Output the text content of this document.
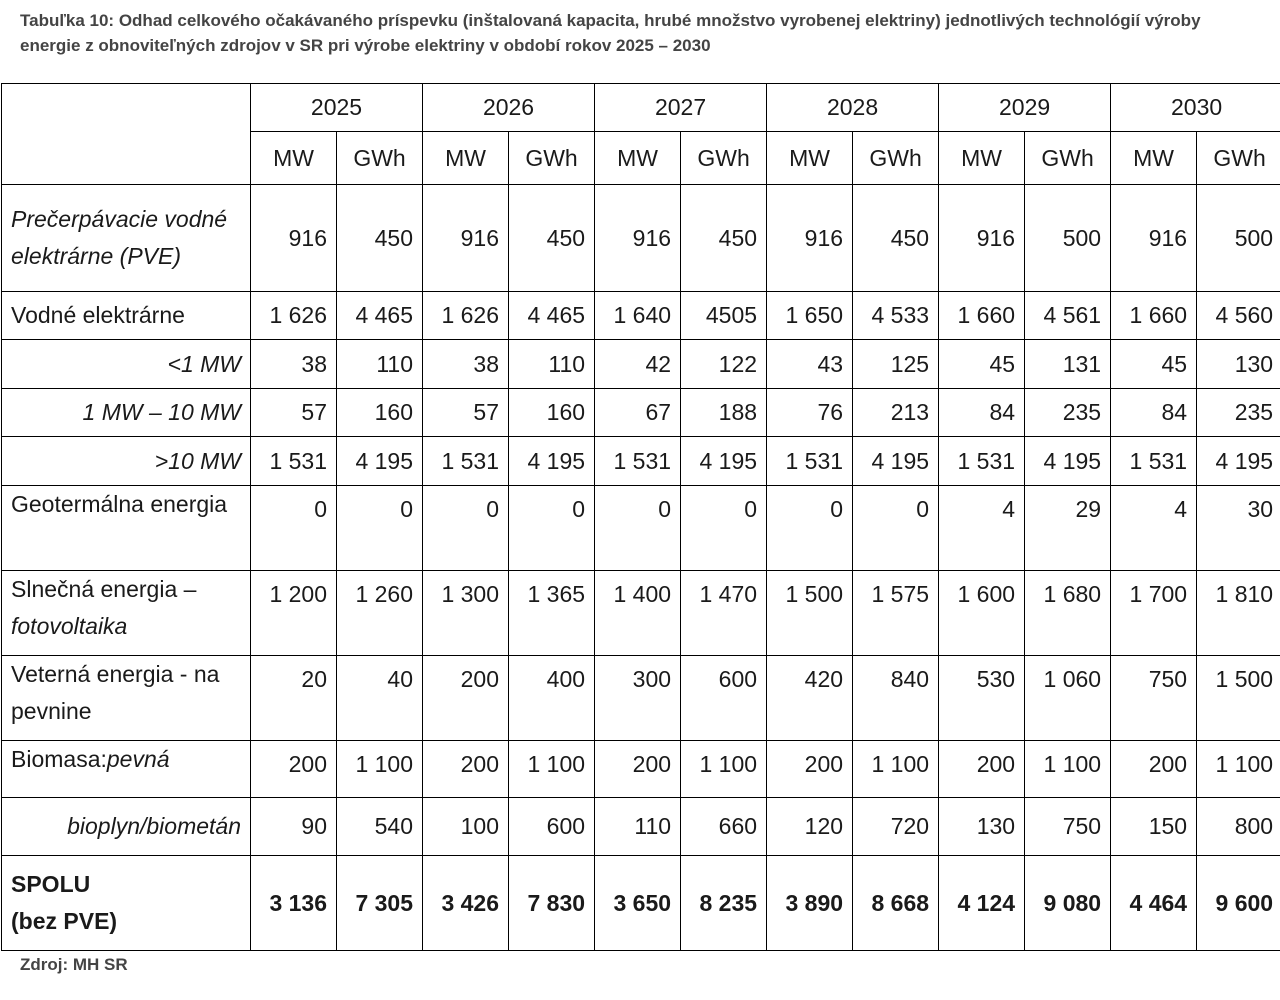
Tabuľka 10: Odhad celkového očakávaného príspevku (inštalovaná kapacita, hrubé množstvo vyrobenej elektriny) jednotlivých technológií výroby energie z obnoviteľných zdrojov v SR pri výrobe elektriny v období rokov 2025 – 2030
	2025		2026		2027		2028		2029		2030	
	MW	GWh	MW	GWh	MW	GWh	MW	GWh	MW	GWh	MW	GWh
Prečerpávacie vodné elektrárne (PVE)	916	450	916	450	916	450	916	450	916	500	916	500
Vodné elektrárne	1 626	4 465	1 626	4 465	1 640	4505	1 650	4 533	1 660	4 561	1 660	4 560
<1 MW	38	110	38	110	42	122	43	125	45	131	45	130
1 MW – 10 MW	57	160	57	160	67	188	76	213	84	235	84	235
>10 MW	1 531	4 195	1 531	4 195	1 531	4 195	1 531	4 195	1 531	4 195	1 531	4 195
Geotermálna energia	0	0	0	0	0	0	0	0	4	29	4	30
Slnečná energia –
fotovoltaika	1 200	1 260	1 300	1 365	1 400	1 470	1 500	1 575	1 600	1 680	1 700	1 810
Veterná energia - na pevnine	20	40	200	400	300	600	420	840	530	1 060	750	1 500
Biomasa:pevná	200	1 100	200	1 100	200	1 100	200	1 100	200	1 100	200	1 100
bioplyn/biometán	90	540	100	600	110	660	120	720	130	750	150	800
SPOLU
(bez PVE)	3 136	7 305	3 426	7 830	3 650	8 235	3 890	8 668	4 124	9 080	4 464	9 600
Zdroj: MH SR
